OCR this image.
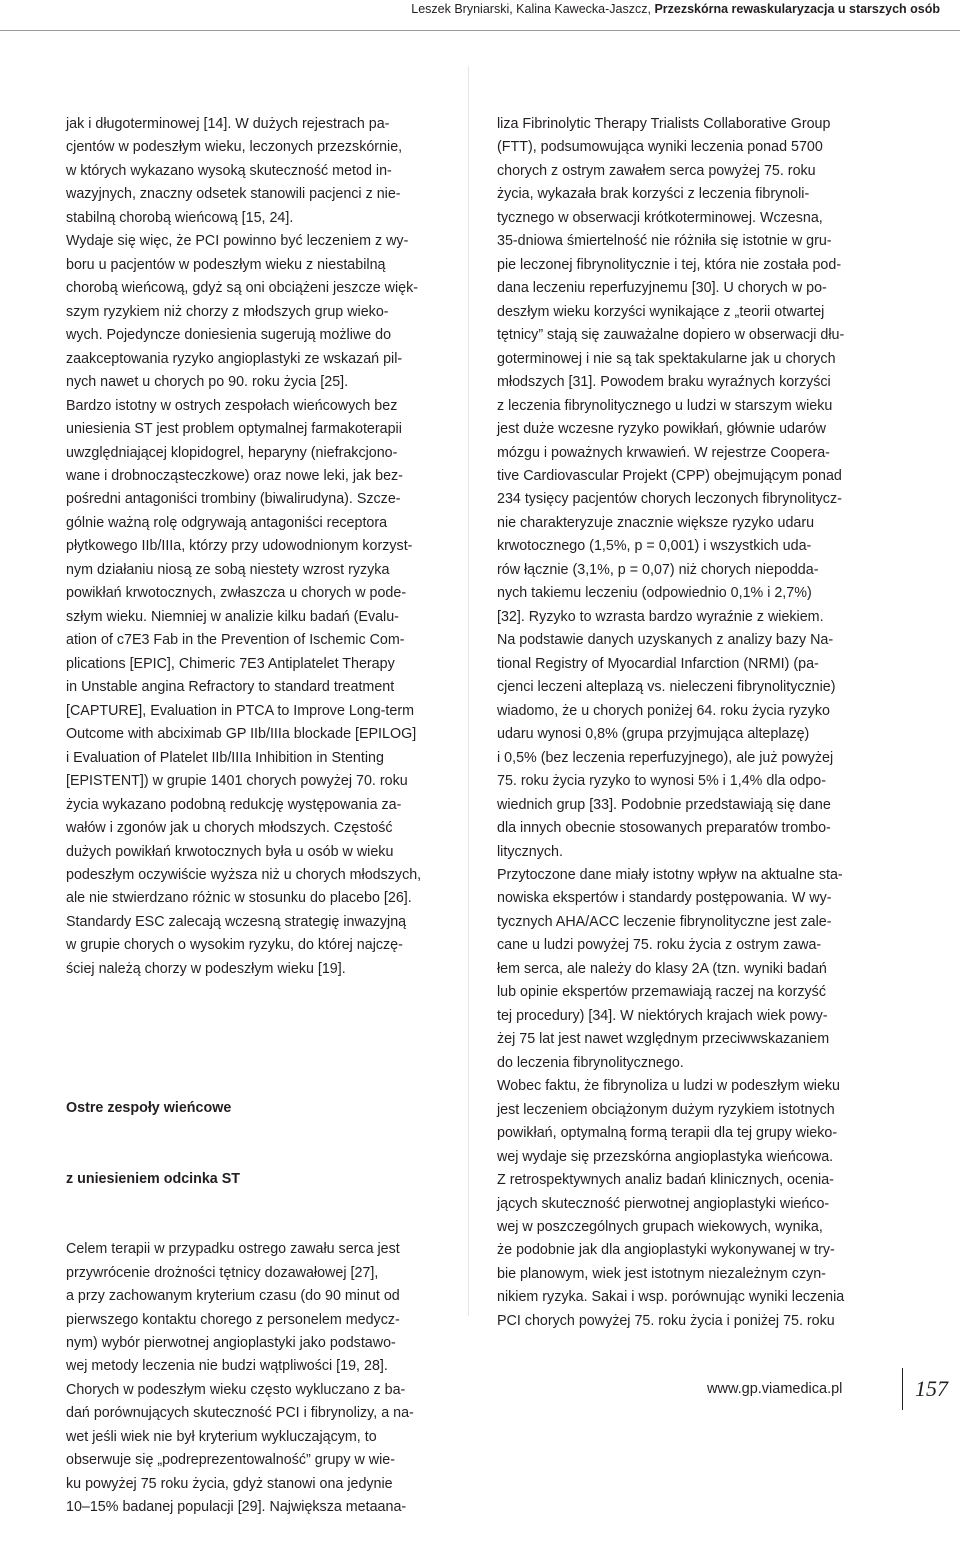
Leszek Bryniarski, Kalina Kawecka-Jaszcz, Przezskórna rewaskularyzacja u starszych osób

jak i długoterminowej [14]. W dużych rejestrach pa-
cjentów w podeszłym wieku, leczonych przezskórnie,
w których wykazano wysoką skuteczność metod in-
wazyjnych, znaczny odsetek stanowili pacjenci z nie-
stabilną chorobą wieńcową [15, 24].
Wydaje się więc, że PCI powinno być leczeniem z wy-
boru u pacjentów w podeszłym wieku z niestabilną
chorobą wieńcową, gdyż są oni obciążeni jeszcze więk-
szym ryzykiem niż chorzy z młodszych grup wieko-
wych. Pojedyncze doniesienia sugerują możliwe do
zaakceptowania ryzyko angioplastyki ze wskazań pil-
nych nawet u chorych po 90. roku życia [25].
Bardzo istotny w ostrych zespołach wieńcowych bez
uniesienia ST jest problem optymalnej farmakoterapii
uwzględniającej klopidogrel, heparyny (niefrakcjono-
wane i drobnocząsteczkowe) oraz nowe leki, jak bez-
pośredni antagoniści trombiny (biwalirudyna). Szcze-
gólnie ważną rolę odgrywają antagoniści receptora
płytkowego IIb/IIIa, którzy przy udowodnionym korzyst-
nym działaniu niosą ze sobą niestety wzrost ryzyka
powikłań krwotocznych, zwłaszcza u chorych w pode-
szłym wieku. Niemniej w analizie kilku badań (Evalu-
ation of c7E3 Fab in the Prevention of Ischemic Com-
plications [EPIC], Chimeric 7E3 Antiplatelet Therapy
in Unstable angina Refractory to standard treatment
[CAPTURE], Evaluation in PTCA to Improve Long-term
Outcome with abciximab GP IIb/IIIa blockade [EPILOG]
i Evaluation of Platelet IIb/IIIa Inhibition in Stenting
[EPISTENT]) w grupie 1401 chorych powyżej 70. roku
życia wykazano podobną redukcję występowania za-
wałów i zgonów jak u chorych młodszych. Częstość
dużych powikłań krwotocznych była u osób w wieku
podeszłym oczywiście wyższa niż u chorych młodszych,
ale nie stwierdzano różnic w stosunku do placebo [26].
Standardy ESC zalecają wczesną strategię inwazyjną
w grupie chorych o wysokim ryzyku, do której najczę-
ściej należą chorzy w podeszłym wieku [19].

Ostre zespoły wieńcowe

z uniesieniem odcinka ST

Celem terapii w przypadku ostrego zawału serca jest
przywrócenie drożności tętnicy dozawałowej [27],
a przy zachowanym kryterium czasu (do 90 minut od
pierwszego kontaktu chorego z personelem medycz-
nym) wybór pierwotnej angioplastyki jako podstawo-
wej metody leczenia nie budzi wątpliwości [19, 28].
Chorych w podeszłym wieku często wykluczano z ba-
dań porównujących skuteczność PCI i fibrynolizy, a na-
wet jeśli wiek nie był kryterium wykluczającym, to
obserwuje się „podreprezentowalność” grupy w wie-
ku powyżej 75 roku życia, gdyż stanowi ona jedynie
10–15% badanej populacji [29]. Największa metaana-

liza Fibrinolytic Therapy Trialists Collaborative Group
(FTT), podsumowująca wyniki leczenia ponad 5700
chorych z ostrym zawałem serca powyżej 75. roku
życia, wykazała brak korzyści z leczenia fibrynoli-
tycznego w obserwacji krótkoterminowej. Wczesna,
35-dniowa śmiertelność nie różniła się istotnie w gru-
pie leczonej fibrynolitycznie i tej, która nie została pod-
dana leczeniu reperfuzyjnemu [30]. U chorych w po-
deszłym wieku korzyści wynikające z „teorii otwartej
tętnicy” stają się zauważalne dopiero w obserwacji dłu-
goterminowej i nie są tak spektakularne jak u chorych
młodszych [31]. Powodem braku wyraźnych korzyści
z leczenia fibrynolitycznego u ludzi w starszym wieku
jest duże wczesne ryzyko powikłań, głównie udarów
mózgu i poważnych krwawień. W rejestrze Coopera-
tive Cardiovascular Projekt (CPP) obejmującym ponad
234 tysięcy pacjentów chorych leczonych fibrynolitycz-
nie charakteryzuje znacznie większe ryzyko udaru
krwotocznego (1,5%, p = 0,001) i wszystkich uda-
rów łącznie (3,1%, p = 0,07) niż chorych niepodda-
nych takiemu leczeniu (odpowiednio 0,1% i 2,7%)
[32]. Ryzyko to wzrasta bardzo wyraźnie z wiekiem.
Na podstawie danych uzyskanych z analizy bazy Na-
tional Registry of Myocardial Infarction (NRMI) (pa-
cjenci leczeni alteplazą vs. nieleczeni fibrynolitycznie)
wiadomo, że u chorych poniżej 64. roku życia ryzyko
udaru wynosi 0,8% (grupa przyjmująca alteplazę)
i 0,5% (bez leczenia reperfuzyjnego), ale już powyżej
75. roku życia ryzyko to wynosi 5% i 1,4% dla odpo-
wiednich grup [33]. Podobnie przedstawiają się dane
dla innych obecnie stosowanych preparatów trombo-
litycznych.
Przytoczone dane miały istotny wpływ na aktualne sta-
nowiska ekspertów i standardy postępowania. W wy-
tycznych AHA/ACC leczenie fibrynolityczne jest zale-
cane u ludzi powyżej 75. roku życia z ostrym zawa-
łem serca, ale należy do klasy 2A (tzn. wyniki badań
lub opinie ekspertów przemawiają raczej na korzyść
tej procedury) [34]. W niektórych krajach wiek powy-
żej 75 lat jest nawet względnym przeciwwskazaniem
do leczenia fibrynolitycznego.
Wobec faktu, że fibrynoliza u ludzi w podeszłym wieku
jest leczeniem obciążonym dużym ryzykiem istotnych
powikłań, optymalną formą terapii dla tej grupy wieko-
wej wydaje się przezskórna angioplastyka wieńcowa.
Z retrospektywnych analiz badań klinicznych, ocenia-
jących skuteczność pierwotnej angioplastyki wieńco-
wej w poszczególnych grupach wiekowych, wynika,
że podobnie jak dla angioplastyki wykonywanej w try-
bie planowym, wiek jest istotnym niezależnym czyn-
nikiem ryzyka. Sakai i wsp. porównując wyniki leczenia
PCI chorych powyżej 75. roku życia i poniżej 75. roku

www.gp.viamedica.pl	157
